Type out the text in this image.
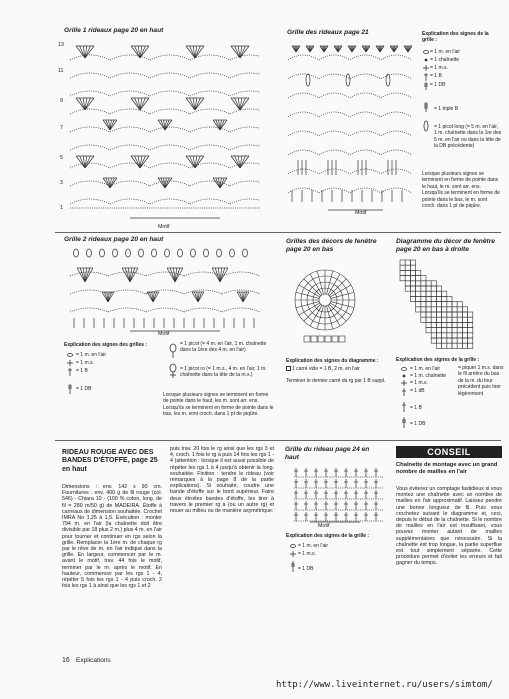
Grille 1 rideaux page 20 en haut
13
11
9
7
5
3
1
Motif
Grille des rideaux page 21
Motif
Explication des signes de la grille :
= 1 m. en l'air
= 1 chaînette
= 1 m.s.
= 1 B
= 1 DB
= 1 triple B
= 1 picot long (= 5 m. en l'air, 1 m. chaînette dans la 1re des 5 m. en l'air ou dans la tête de la DB précédente)
Lorsque plusieurs signes se terminent en forme de pointe dans le haut, le m. sont arr. ens. Lorsqu'ils se terminent en forme de pointe dans le bas, le m. sont croch. dans 1 pt de piqûre.
Grille 2 rideaux page 20 en haut
Motif
Explication des signes des grilles :
= 1 m. en l'air
= 1 m.s.
= 1 B
= 1 DB
= 1 picot (= 4 m. en l'air, 1 m. chaînette dans la 1ère des 4 m. en l'air)
= 1 picot ro (= 1 m.s., 4 m. en l'air, 1 m. chaînette dans la tête de la m.s.)
Lorsque plusieurs signes se terminent en forme de pointe dans le haut, les m. sont arr. ens. Lorsqu'ils se terminent en forme de pointe dans le bas, les m. sont croch. dans 1 pt de piqûre.
Grilles des décors de fenêtre page 20 en bas
Explication des signes du diagramme :
1 carré vide = 1 B, 2 m. en l'air
Terminer le dernier carré du rg par 1 B suppl.
Diagramme du décor de fenêtre page 20 en bas à droite
Explication des signes de la grille :
= 1 m. en l'air
= 1 m. chaînette
= 1 m.s.
= 1 dB
= 1 B
= 1 DB
= piquer 1 m.s. dans le fil arrière du bas de la m. du tour précédent puis tirer légèrement
RIDEAU ROUGE AVEC DES BANDES D'ÉTOFFE, page 25 en haut
Dimensions : env. 142 x 90 cm. Fournitures : env. 400 g de fil rouge (col. 546) - Chiara 10 - (100 % coton, long. de fil = 280 m/50 g) de MADEIRA. Étoffe à carreaux de dimension souhaitée. Crochet IMRA No 1,25 à 1,5. Exécution : monter 794 m. en l'air (la chaînette doit être divisible par 18 plus 2 m.) plus 4 m. en l'air pour tourner et continuer en rgs selon la grille. Remplacer la 1ère m. de chaque rg par le rêve de m. en l'air indiqué dans la grille. En largeur, commencer par le m. avant le motif, trav. 44 fois le motif, terminer par le m. après le motif. En hauteur, commencer par les rgs 1 - 4, répéter 5 fois les rgs 1 - 4 puis croch. 2 fois les rgs 1 à ainsi que les rgs 1 et 2
puis trav. 20 fois le rg ainsi que les rgs 3 et 4, croch. 1 fois le rg à puis 14 fois les rgs 1 - 4 (attention : lorsque il est aussi possible de répéter les rgs 1 à 4 jusqu'à obtenir la long. souhaitée. Finition : tendre le rideau (voir remarques à la page 8 de la partie explications). Si souhaité, coudre une bande d'étoffe sur le bord supérieur. Faire deux étroites bandes d'étoffe, les tirer à travers le premier rg à (ou un autre rg) et nouer au milieu ou de manière asymétrique.
Grille du rideau page 24 en haut
Motif
Explication des signes de la grille :
= 1 m. en l'air
= 1 m.s.
= 1 DB
CONSEIL
Chaînette de montage avec un grand nombre de mailles en l'air
Vous éviterez un comptage fastidieux si vous montez une chaînette avec un nombre de mailles en l'air approximatif. Laissez pendre une bonne longueur de fil. Puis vous crochetez suivant le diagramme et, ceci, depuis le début de la chaînette. Si le nombre de mailles en l'air est insuffisant, vous pouvez monter autant de mailles supplémentaires que nécessaire. Si la chaînette est trop longue, la partie superflue est tout simplement séparée. Cette procédure permet d'éviter les erreurs et fait gagner du temps.
16 Explications
http://www.liveinternet.ru/users/simtom/
